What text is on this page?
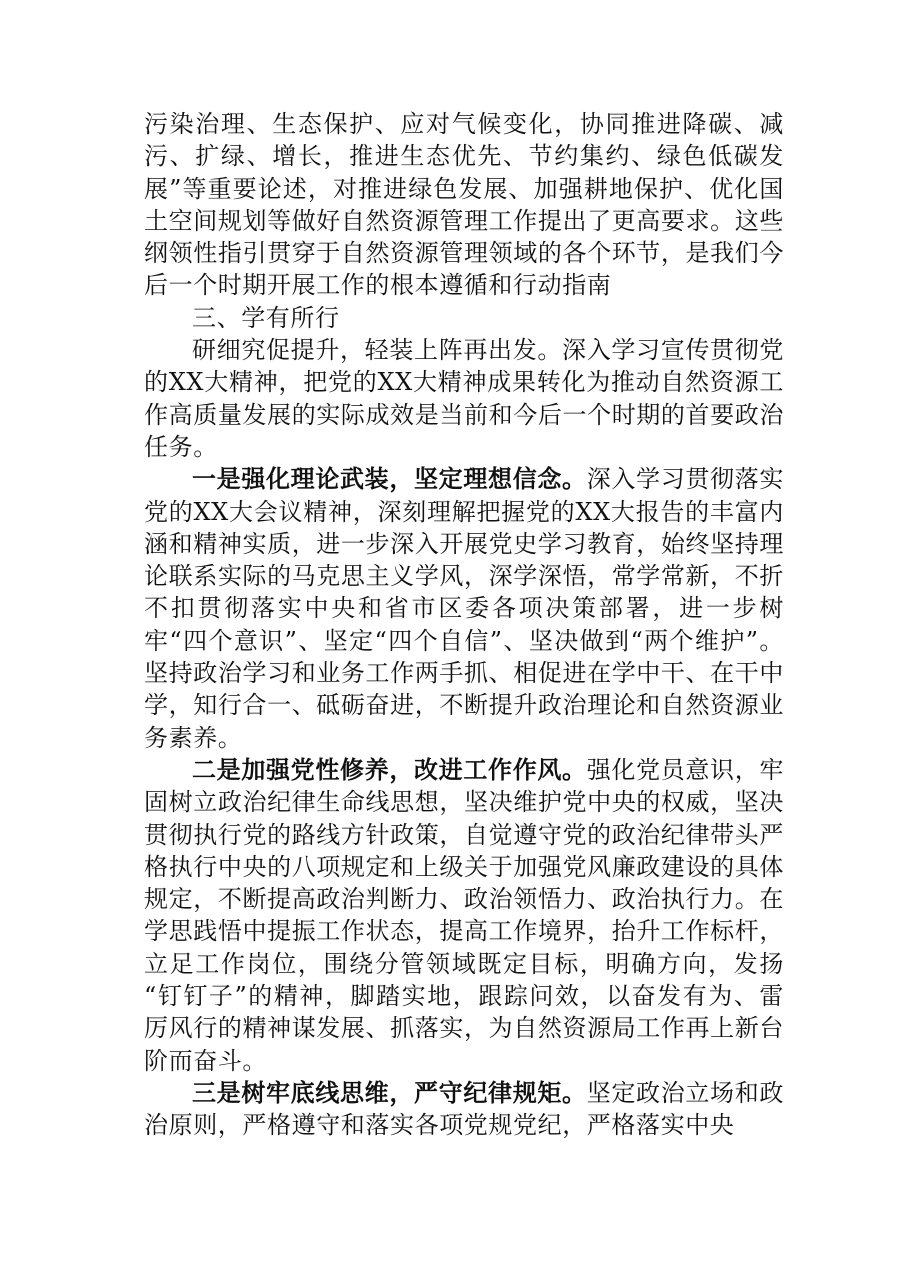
污染治理、生态保护、应对气候变化，协同推进降碳、减污、扩绿、增长，推进生态优先、节约集约、绿色低碳发展”等重要论述，对推进绿色发展、加强耕地保护、优化国土空间规划等做好自然资源管理工作提出了更高要求。这些纲领性指引贯穿于自然资源管理领域的各个环节，是我们今后一个时期开展工作的根本遵循和行动指南

三、学有所行

研细究促提升，轻装上阵再出发。深入学习宣传贯彻党的XX大精神，把党的XX大精神成果转化为推动自然资源工作高质量发展的实际成效是当前和今后一个时期的首要政治任务。

一是强化理论武装，坚定理想信念。深入学习贯彻落实党的XX大会议精神，深刻理解把握党的XX大报告的丰富内涵和精神实质，进一步深入开展党史学习教育，始终坚持理论联系实际的马克思主义学风，深学深悟，常学常新，不折不扣贯彻落实中央和省市区委各项决策部署，进一步树牢“四个意识”、坚定“四个自信”、坚决做到“两个维护”。坚持政治学习和业务工作两手抓、相促进在学中干、在干中学，知行合一、砥砺奋进，不断提升政治理论和自然资源业务素养。

二是加强党性修养，改进工作作风。强化党员意识，牢固树立政治纪律生命线思想，坚决维护党中央的权威，坚决贯彻执行党的路线方针政策，自觉遵守党的政治纪律带头严格执行中央的八项规定和上级关于加强党风廉政建设的具体规定，不断提高政治判断力、政治领悟力、政治执行力。在学思践悟中提振工作状态，提高工作境界，抬升工作标杆，立足工作岗位，围绕分管领域既定目标，明确方向，发扬 “钉钉子”的精神，脚踏实地，跟踪问效，以奋发有为、雷厉风行的精神谋发展、抓落实，为自然资源局工作再上新台阶而奋斗。

三是树牢底线思维，严守纪律规矩。坚定政治立场和政治原则，严格遵守和落实各项党规党纪，严格落实中央
